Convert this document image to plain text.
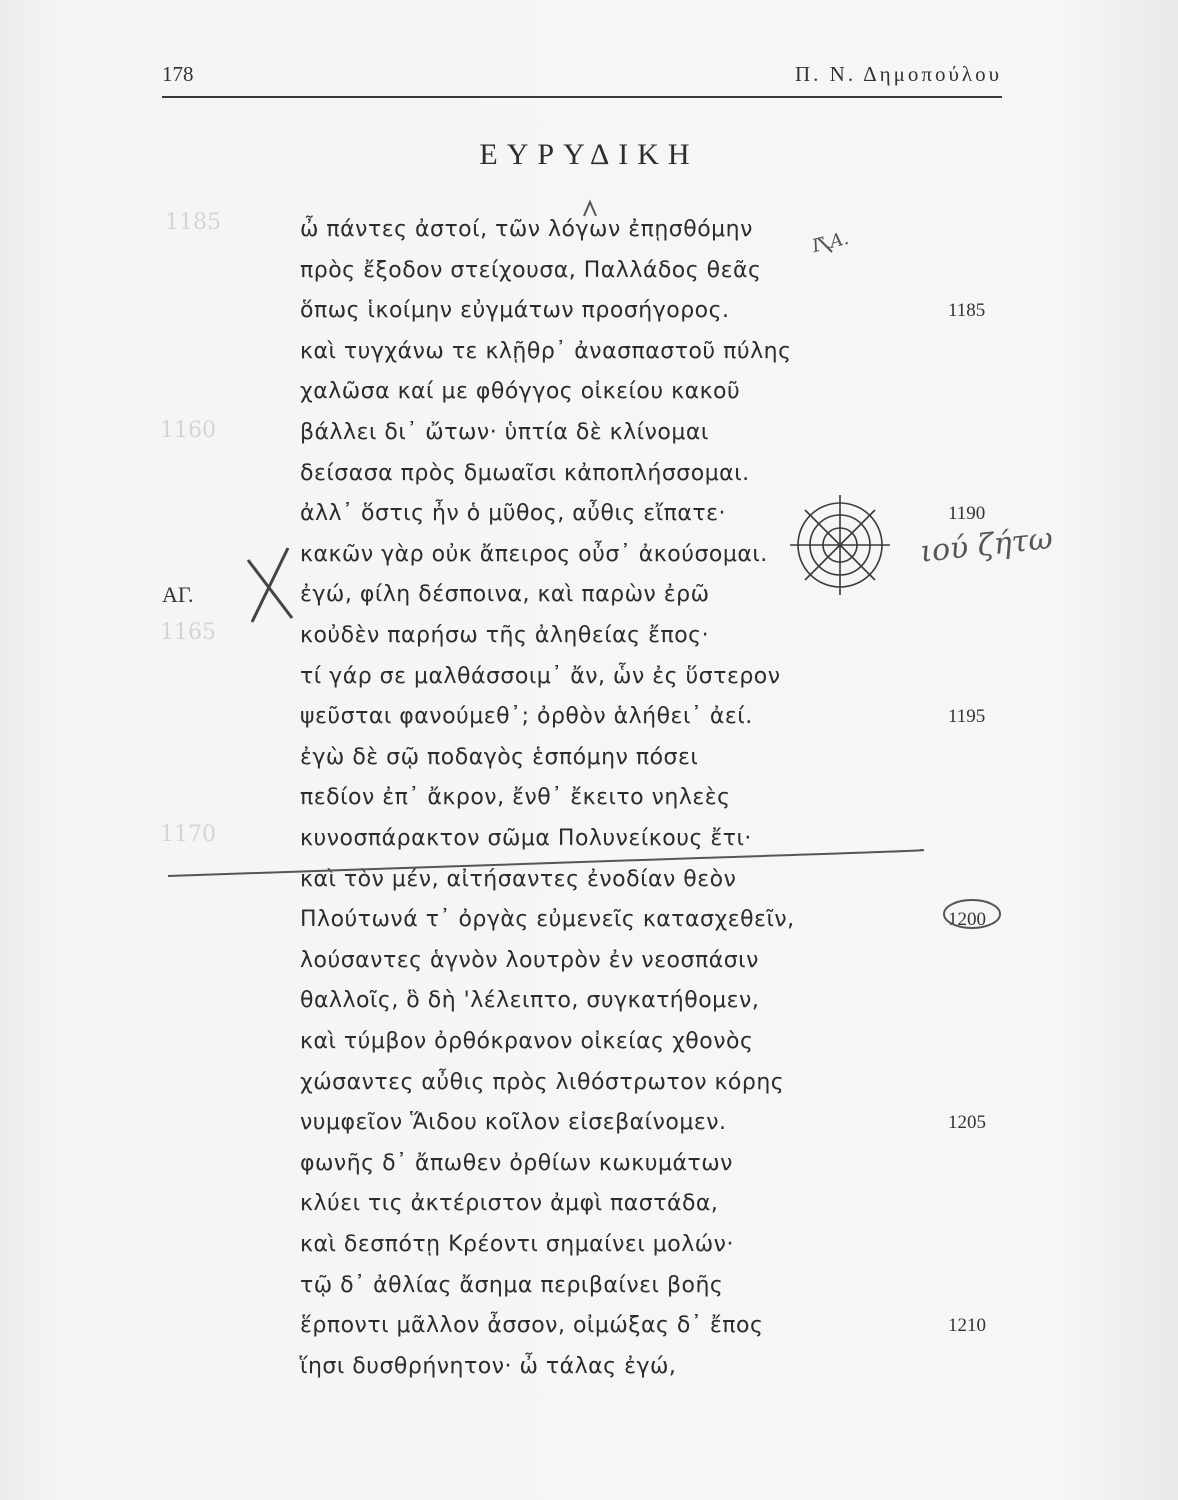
1185
1160
1165
1170
178	Π. Ν. Δημοπούλου
ΕΥΡΥΔΙΚΗ
ὦ πάντες ἀστοί, τῶν λόγων ἐπῃσθόμην
πρὸς ἔξοδον στείχουσα, Παλλάδος θεᾶς
ὅπως ἱκοίμην εὐγμάτων προσήγορος.	1185
καὶ τυγχάνω τε κλῇθρ᾽ ἀνασπαστοῦ πύλης
χαλῶσα καί με φθόγγος οἰκείου κακοῦ
βάλλει δι᾽ ὤτων· ὑπτία δὲ κλίνομαι
δείσασα πρὸς δμωαῖσι κἀποπλήσσομαι.
ἀλλ᾽ ὅστις ἦν ὁ μῦθος, αὖθις εἴπατε·	1190
κακῶν γὰρ οὐκ ἄπειρος οὖσ᾽ ἀκούσομαι.
ἐγώ, φίλη δέσποινα, καὶ παρὼν ἐρῶ
ΑΓ.
κοὐδὲν παρήσω τῆς ἀληθείας ἔπος·
τί γάρ σε μαλθάσσοιμ᾽ ἄν, ὧν ἐς ὕστερον
ψεῦσται φανούμεθ᾽; ὀρθὸν ἁλήθει᾽ ἀεί.	1195
ἐγὼ δὲ σῷ ποδαγὸς ἑσπόμην πόσει
πεδίον ἐπ᾽ ἄκρον, ἔνθ᾽ ἔκειτο νηλεὲς
κυνοσπάρακτον σῶμα Πολυνείκους ἔτι·
καὶ τὸν μέν, αἰτήσαντες ἐνοδίαν θεὸν
Πλούτωνά τ᾽ ὀργὰς εὐμενεῖς κατασχεθεῖν,	1200
λούσαντες ἁγνὸν λουτρὸν ἐν νεοσπάσιν
θαλλοῖς, ὃ δὴ 'λέλειπτο, συγκατήθομεν,
καὶ τύμβον ὀρθόκρανον οἰκείας χθονὸς
χώσαντες αὖθις πρὸς λιθόστρωτον κόρης
νυμφεῖον Ἅιδου κοῖλον εἰσεβαίνομεν.	1205
φωνῆς δ᾽ ἄπωθεν ὀρθίων κωκυμάτων
κλύει τις ἀκτέριστον ἀμφὶ παστάδα,
καὶ δεσπότῃ Κρέοντι σημαίνει μολών·
τῷ δ᾽ ἀθλίας ἄσημα περιβαίνει βοῆς
ἕρποντι μᾶλλον ἆσσον, οἰμώξας δ᾽ ἔπος	1210
ἵησι δυσθρήνητον· ὦ τάλας ἐγώ,
ιού ζήτω
Γ.Α.
